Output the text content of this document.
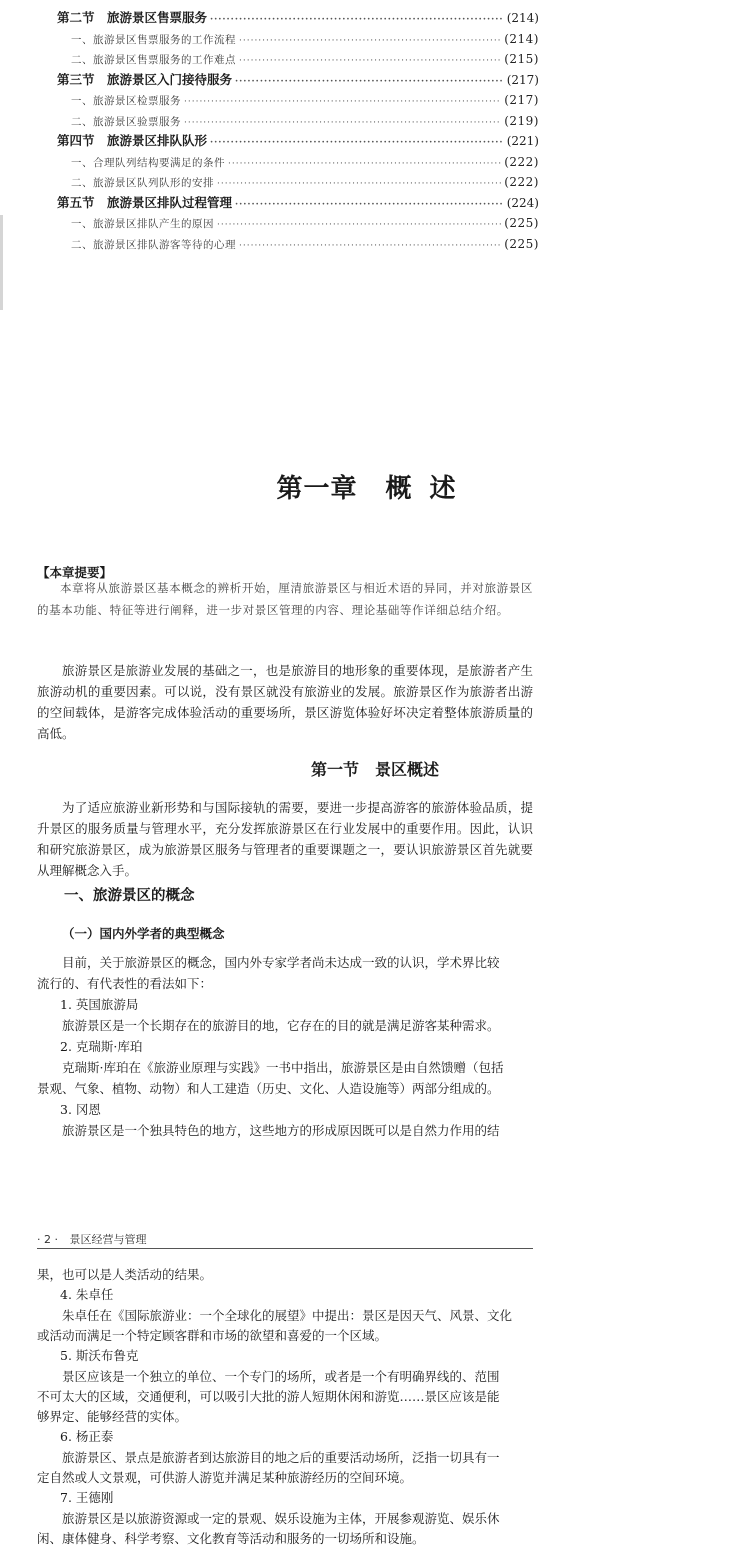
·····
第二节　旅游景区售票服务 ·····	(214)
一、旅游景区售票服务的工作流程 ·····	(214)
二、旅游景区售票服务的工作难点 ·····	(215)
第三节　旅游景区入门接待服务 ·····	(217)
一、旅游景区检票服务 ·····	(217)
二、旅游景区验票服务 ·····	(219)
第四节　旅游景区排队队形 ·····	(221)
一、合理队列结构要满足的条件 ·····	(222)
二、旅游景区队列队形的安排 ·····	(222)
第五节　旅游景区排队过程管理 ·····	(224)
一、旅游景区排队产生的原因 ·····	(225)
二、旅游景区排队游客等待的心理 ·····	(225)
第一章 概述
【本章提要】
本章将从旅游景区基本概念的辨析开始，厘清旅游景区与相近术语的异同，并对旅游景区的基本功能、特征等进行阐释，进一步对景区管理的内容、理论基础等作详细总结介绍。
旅游景区是旅游业发展的基础之一，也是旅游目的地形象的重要体现，是旅游者产生旅游动机的重要因素。可以说，没有景区就没有旅游业的发展。旅游景区作为旅游者出游的空间载体，是游客完成体验活动的重要场所，景区游览体验好坏决定着整体旅游质量的高低。
第一节　景区概述
为了适应旅游业新形势和与国际接轨的需要，要进一步提高游客的旅游体验品质，提升景区的服务质量与管理水平，充分发挥旅游景区在行业发展中的重要作用。因此，认识和研究旅游景区，成为旅游景区服务与管理者的重要课题之一，要认识旅游景区首先就要从理解概念入手。
一、旅游景区的概念
（一）国内外学者的典型概念
目前，关于旅游景区的概念，国内外专家学者尚未达成一致的认识，学术界比较
流行的、有代表性的看法如下：
1. 英国旅游局
旅游景区是一个长期存在的旅游目的地，它存在的目的就是满足游客某种需求。
2. 克瑞斯·库珀
克瑞斯·库珀在《旅游业原理与实践》一书中指出，旅游景区是由自然馈赠（包括
景观、气象、植物、动物）和人工建造（历史、文化、人造设施等）两部分组成的。
3. 冈恩
旅游景区是一个独具特色的地方，这些地方的形成原因既可以是自然力作用的结
· 2 · 景区经营与管理
果，也可以是人类活动的结果。
4. 朱卓任
朱卓任在《国际旅游业：一个全球化的展望》中提出：景区是因天气、风景、文化
或活动而满足一个特定顾客群和市场的欲望和喜爱的一个区域。
5. 斯沃布鲁克
景区应该是一个独立的单位、一个专门的场所，或者是一个有明确界线的、范围
不可太大的区域，交通便利，可以吸引大批的游人短期休闲和游览……景区应该是能
够界定、能够经营的实体。
6. 杨正泰
旅游景区、景点是旅游者到达旅游目的地之后的重要活动场所，泛指一切具有一
定自然或人文景观，可供游人游览并满足某种旅游经历的空间环境。
7. 王德刚
旅游景区是以旅游资源或一定的景观、娱乐设施为主体，开展参观游览、娱乐休
闲、康体健身、科学考察、文化教育等活动和服务的一切场所和设施。
